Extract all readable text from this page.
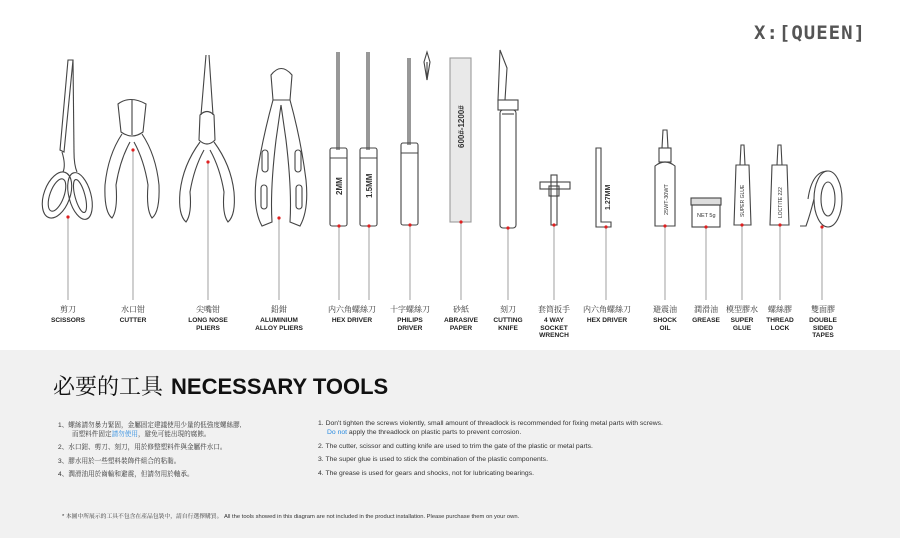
X:[QUEEN]
2MM	1.5MM
600#-1200#
1.27MM	25WT-30WT
NET 5g	SUPER GLUE	LOCTITE 222
剪刀
SCISSORS
水口钳
CUTTER
尖嘴钳
LONG NOSE
PLIERS
鉛鉗
ALUMINIUM
ALLOY PLIERS
内六角螺絲刀
HEX DRIVER
十字螺絲刀
PHILIPS
DRIVER
砂紙
ABRASIVE
PAPER
刻刀
CUTTING
KNIFE
套筒扳手
4 WAY
SOCKET
WRENCH
内六角螺絲刀
HEX DRIVER
避震油
SHOCK
OIL
潤滑油
GREASE
模型膠水
SUPER
GLUE
螺絲膠
THREAD
LOCK
雙面膠
DOUBLE
SIDED
TAPES
必要的工具 NECESSARY TOOLS
1、螺絲請勿暴力緊固，金屬固定建議使用少量的低強度螺絲膠,
而塑料件固定請勿使用，避免可能出現的腐蝕。
2、水口鉗、剪刀、刻刀，用於修整塑料件與金屬件水口。
3、膠水用於一些塑料裝飾件組合的粘黏。
4、潤滑油用於齒輪和避震，但請勿用於軸承。
1. Don't tighten the screws violently, small amount of threadlock is recommended for fixing metal parts with screws.
Do not apply the threadlock on plastic parts to prevent corrosion.
2. The cutter, scissor and cutting knife are used to trim the gate of the plastic or metal parts.
3. The super glue is used to stick the combination of the plastic components.
4. The grease is used for gears and shocks, not for lubricating bearings.
* 本圖中所展示的工具不包含在產品包裝中，請自行選擇購買。 All the tools showed in this diagram are not included in the product installation. Please purchase them on your own.
